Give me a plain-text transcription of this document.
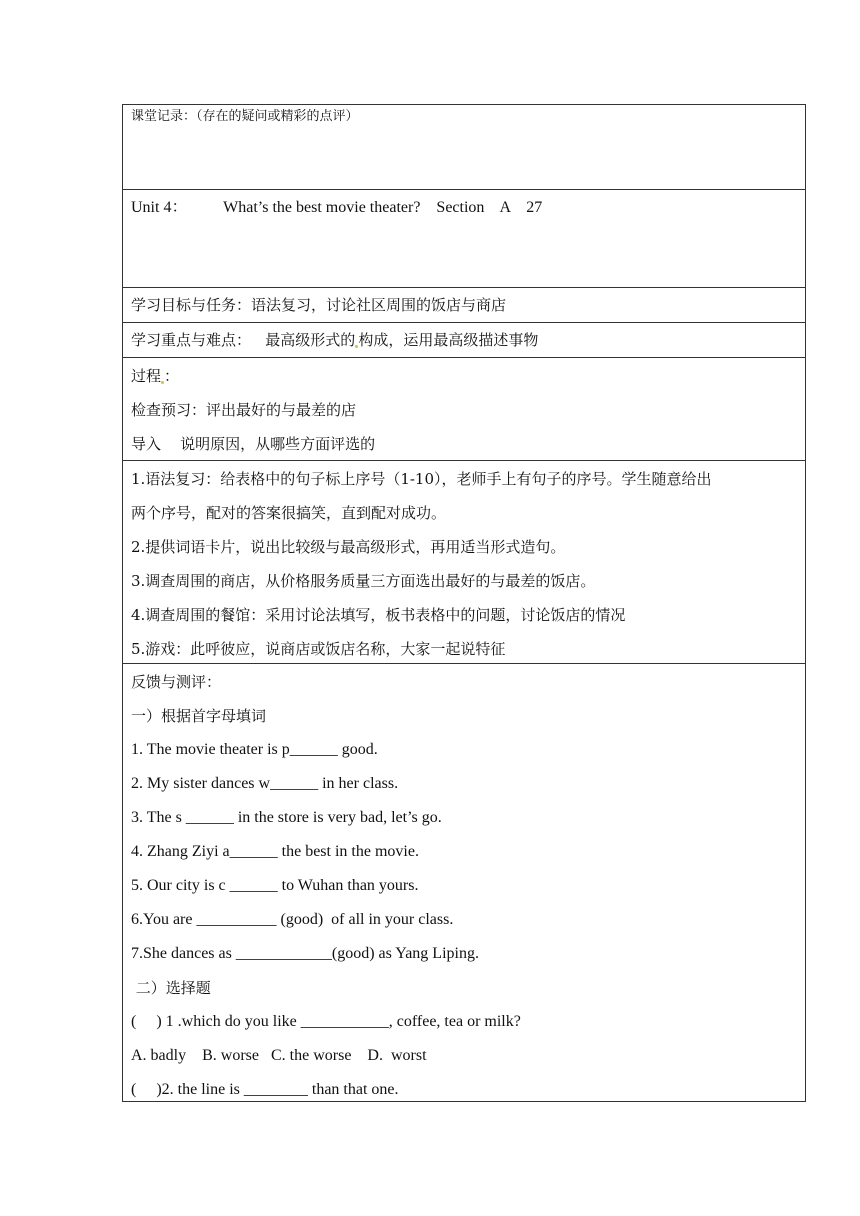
课堂记录：（存在的疑问或精彩的点评）
Unit 4：         What’s the best movie theater?    Section    A    27
学习目标与任务：语法复习，讨论社区周围的饭店与商店
学习重点与难点：   最高级形式的 构成，运用最高级描述事物
过程 ：
检查预习：评出最好的与最差的店
导入    说明原因，从哪些方面评选的
1.语法复习：给表格中的句子标上序号（1-10），老师手上有句子的序号。学生随意给出
两个序号，配对的答案很搞笑，直到配对成功。
2.提供词语卡片，说出比较级与最高级形式，再用适当形式造句。
3.调查周围的商店，从价格服务质量三方面选出最好的与最差的饭店。
4.调查周围的餐馆：采用讨论法填写，板书表格中的问题，讨论饭店的情况
5.游戏：此呼彼应，说商店或饭店名称，大家一起说特征
反馈与测评：
一）根据首字母填词
1. The movie theater is p______ good.
2. My sister dances w______ in her class.
3. The s ______ in the store is very bad, let’s go.
4. Zhang Ziyi a______ the best in the movie.
5. Our city is c ______ to Wuhan than yours.
6.You are __________ (good)  of all in your class.
7.She dances as ____________(good) as Yang Liping.
二）选择题
(     ) 1 .which do you like ___________, coffee, tea or milk?
A. badly    B. worse   C. the worse    D.  worst
(     )2. the line is ________ than that one.
